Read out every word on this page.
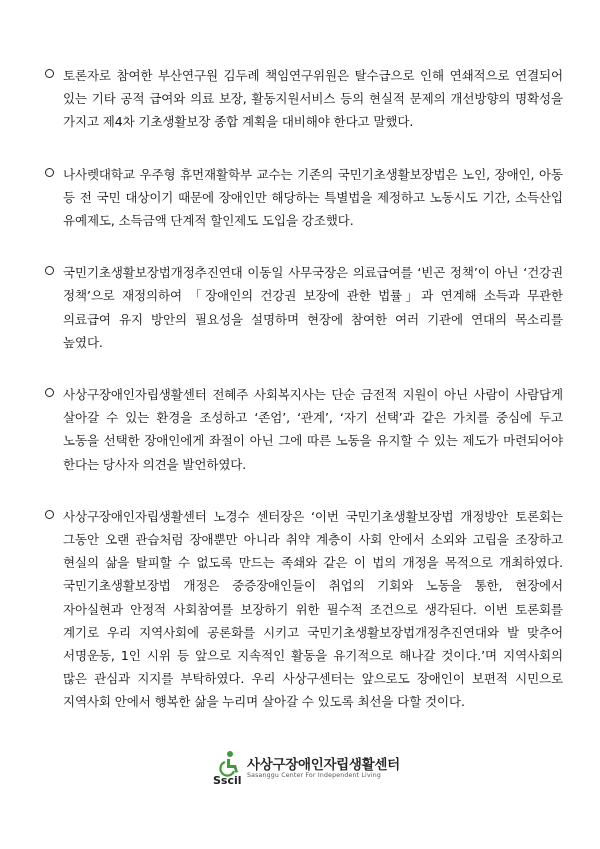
토론자로 참여한 부산연구원 김두례 책임연구위원은 탈수급으로 인해 연쇄적으로 연결되어 있는 기타 공적 급여와 의료 보장, 활동지원서비스 등의 현실적 문제의 개선방향의 명확성을 가지고 제4차 기초생활보장 종합 계획을 대비해야 한다고 말했다.
나사렛대학교 우주형 휴먼재활학부 교수는 기존의 국민기초생활보장법은 노인, 장애인, 아동 등 전 국민 대상이기 때문에 장애인만 해당하는 특별법을 제정하고 노동시도 기간, 소득산입 유예제도, 소득금액 단계적 할인제도 도입을 강조했다.
국민기초생활보장법개정추진연대 이동일 사무국장은 의료급여를 ‘빈곤 정책’이 아닌 ‘건강권 정책’으로 재정의하여 「장애인의 건강권 보장에 관한 법률」과 연계해 소득과 무관한 의료급여 유지 방안의 필요성을 설명하며 현장에 참여한 여러 기관에 연대의 목소리를 높였다.
사상구장애인자립생활센터 전혜주 사회복지사는 단순 금전적 지원이 아닌 사람이 사람답게 살아갈 수 있는 환경을 조성하고 ‘존엄’, ‘관계’, ‘자기 선택’과 같은 가치를 중심에 두고 노동을 선택한 장애인에게 좌절이 아닌 그에 따른 노동을 유지할 수 있는 제도가 마련되어야 한다는 당사자 의견을 발언하였다.
사상구장애인자립생활센터 노경수 센터장은 ‘이번 국민기초생활보장법 개정방안 토론회는 그동안 오랜 관습처럼 장애뿐만 아니라 취약 계층이 사회 안에서 소외와 고립을 조장하고 현실의 삶을 탈피할 수 없도록 만드는 족쇄와 같은 이 법의 개정을 목적으로 개최하였다. 국민기초생활보장법 개정은 중증장애인들이 취업의 기회와 노동을 통한, 현장에서 자아실현과 안정적 사회참여를 보장하기 위한 필수적 조건으로 생각된다. 이번 토론회를 계기로 우리 지역사회에 공론화를 시키고 국민기초생활보장법개정추진연대와 발 맞추어 서명운동, 1인 시위 등 앞으로 지속적인 활동을 유기적으로 해나갈 것이다.’며 지역사회의 많은 관심과 지지를 부탁하였다. 우리 사상구센터는 앞으로도 장애인이 보편적 시민으로 지역사회 안에서 행복한 삶을 누리며 살아갈 수 있도록 최선을 다할 것이다.
Sscil
사상구장애인자립생활센터
Sasanggu Center For Independent Living
